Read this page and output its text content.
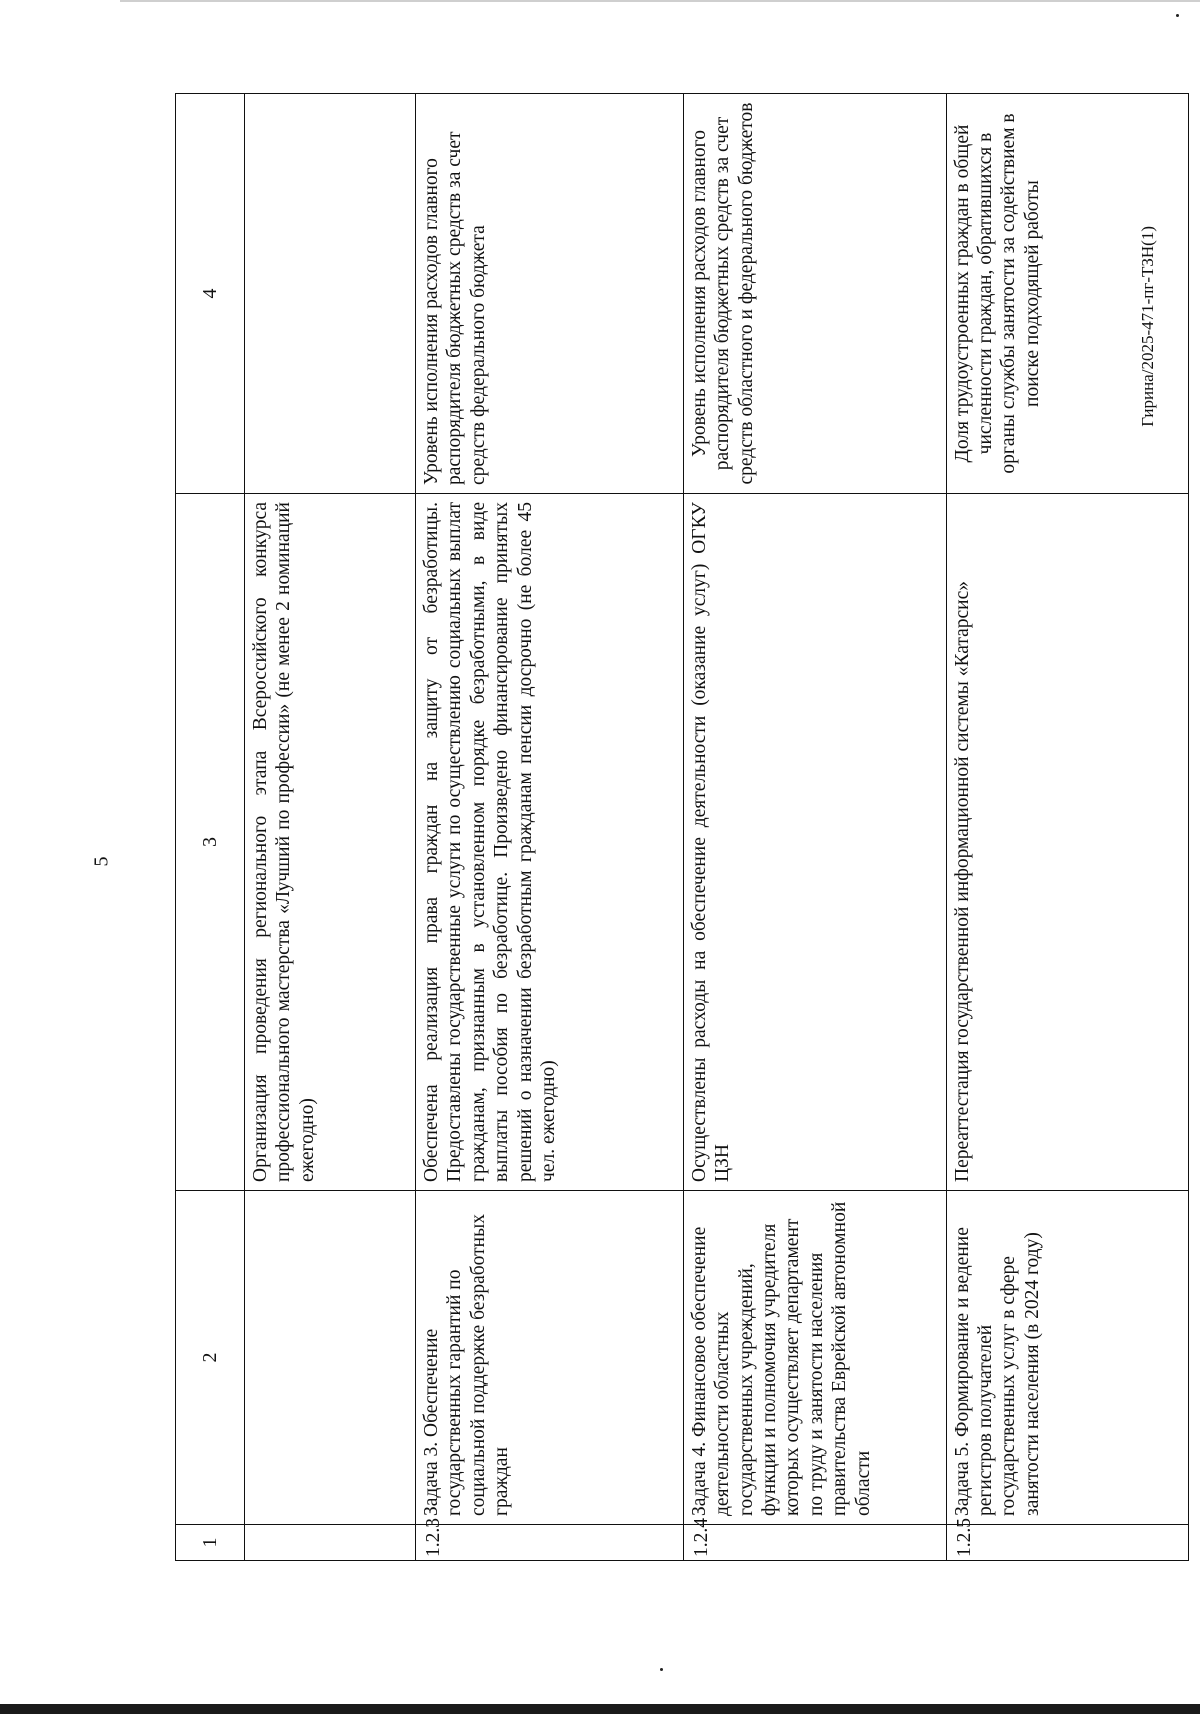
5
1	2	3	4
		Организация проведения регионального этапа Всероссийского конкурса профессионального мастерства «Лучший по профессии» (не менее 2 номинаций ежегодно)	
1.2.3	Задача 3. Обеспечение государственных гарантий по социальной поддержке безработных граждан	Обеспечена реализация права граждан на защиту от безработицы. Предоставлены государственные услуги по осуществлению социальных выплат гражданам, признанным в установленном порядке безработными, в виде выплаты пособия по безработице. Произведено финансирование принятых решений о назначении безработным гражданам пенсии досрочно (не более 45 чел. ежегодно)	Уровень исполнения расходов главного распорядителя бюджетных средств за счет средств федерального бюджета
1.2.4	Задача 4. Финансовое обеспечение деятельности областных государственных учреждений, функции и полномочия учредителя которых осуществляет департамент по труду и занятости населения правительства Еврейской автономной области	Осуществлены расходы на обеспечение деятельности (оказание услуг) ОГКУ ЦЗН	Уровень исполнения расходов главного распорядителя бюджетных средств за счет средств областного и федерального бюджетов
1.2.5	Задача 5. Формирование и ведение регистров получателей государственных услуг в сфере занятости населения (в 2024 году)	Переаттестация государственной информационной системы «Катарсис»	Доля трудоустроенных граждан в общей численности граждан, обратившихся в органы службы занятости за содействием в поиске подходящей работы	Гирина/2025-471-пг-ТЗН(1)
